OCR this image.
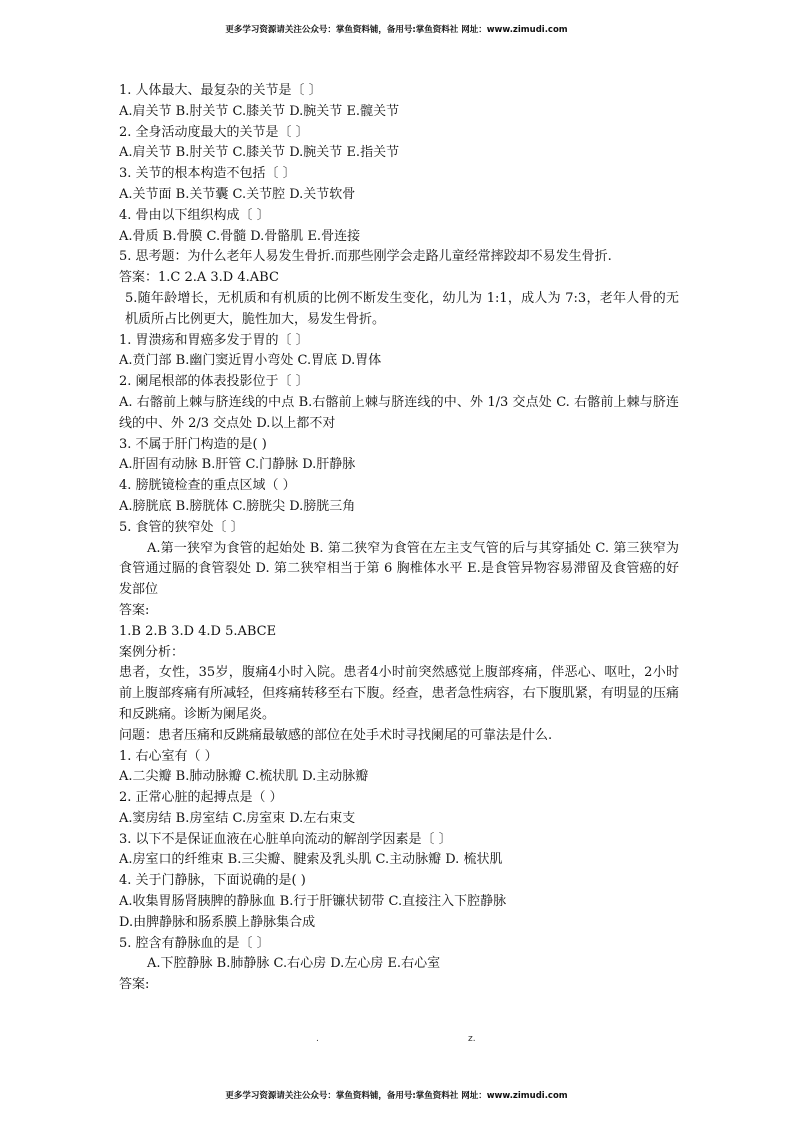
更多学习资源请关注公众号：掌鱼资料铺，备用号:掌鱼资料社 网址：www.zimudi.com
1. 人体最大、最复杂的关节是〔 〕
A.肩关节 B.肘关节 C.膝关节 D.腕关节 E.髋关节
2. 全身活动度最大的关节是〔 〕
A.肩关节 B.肘关节 C.膝关节 D.腕关节 E.指关节
3. 关节的根本构造不包括〔 〕
A.关节面 B.关节囊 C.关节腔 D.关节软骨
4. 骨由以下组织构成〔 〕
A.骨质 B.骨膜 C.骨髓 D.骨骼肌 E.骨连接
5. 思考题：为什么老年人易发生骨折.而那些刚学会走路儿童经常摔跤却不易发生骨折.
答案：1.C 2.A 3.D 4.ABC
5.随年龄增长，无机质和有机质的比例不断发生变化，幼儿为 1:1，成人为 7:3，老年人骨的无机质所占比例更大，脆性加大，易发生骨折。
1. 胃溃疡和胃癌多发于胃的〔 〕
A.贲门部 B.幽门窦近胃小弯处 C.胃底 D.胃体
2. 阑尾根部的体表投影位于〔 〕
A. 右髂前上棘与脐连线的中点 B.右髂前上棘与脐连线的中、外 1/3 交点处 C. 右髂前上棘与脐连线的中、外 2/3 交点处 D.以上都不对
3. 不属于肝门构造的是( )
A.肝固有动脉 B.肝管 C.门静脉 D.肝静脉
4. 膀胱镜检查的重点区域（ ）
A.膀胱底 B.膀胱体 C.膀胱尖 D.膀胱三角
5. 食管的狭窄处〔 〕
A.第一狭窄为食管的起始处 B. 第二狭窄为食管在左主支气管的后与其穿插处 C. 第三狭窄为食管通过膈的食管裂处 D. 第二狭窄相当于第 6 胸椎体水平 E.是食管异物容易滞留及食管癌的好发部位
答案:
1.B 2.B 3.D 4.D 5.ABCE
案例分析：
患者，女性，35岁，腹痛4小时入院。患者4小时前突然感觉上腹部疼痛，伴恶心、呕吐，2小时前上腹部疼痛有所减轻，但疼痛转移至右下腹。经查，患者急性病容，右下腹肌紧，有明显的压痛和反跳痛。诊断为阑尾炎。
问题：患者压痛和反跳痛最敏感的部位在处手术时寻找阑尾的可靠法是什么.
1. 右心室有（ ）
A.二尖瓣 B.肺动脉瓣 C.梳状肌 D.主动脉瓣
2. 正常心脏的起搏点是（ ）
A.窦房结 B.房室结 C.房室束 D.左右束支
3. 以下不是保证血液在心脏单向流动的解剖学因素是〔 〕
A.房室口的纤维束 B.三尖瓣、腱索及乳头肌 C.主动脉瓣 D. 梳状肌
4. 关于门静脉，下面说确的是( )
A.收集胃肠肾胰脾的静脉血 B.行于肝镰状韧带 C.直接注入下腔静脉
D.由脾静脉和肠系膜上静脉集合成
5. 腔含有静脉血的是〔 〕
A.下腔静脉 B.肺静脉 C.右心房 D.左心房 E.右心室
答案:
.	z.
更多学习资源请关注公众号：掌鱼资料铺，备用号:掌鱼资料社 网址：www.zimudi.com
